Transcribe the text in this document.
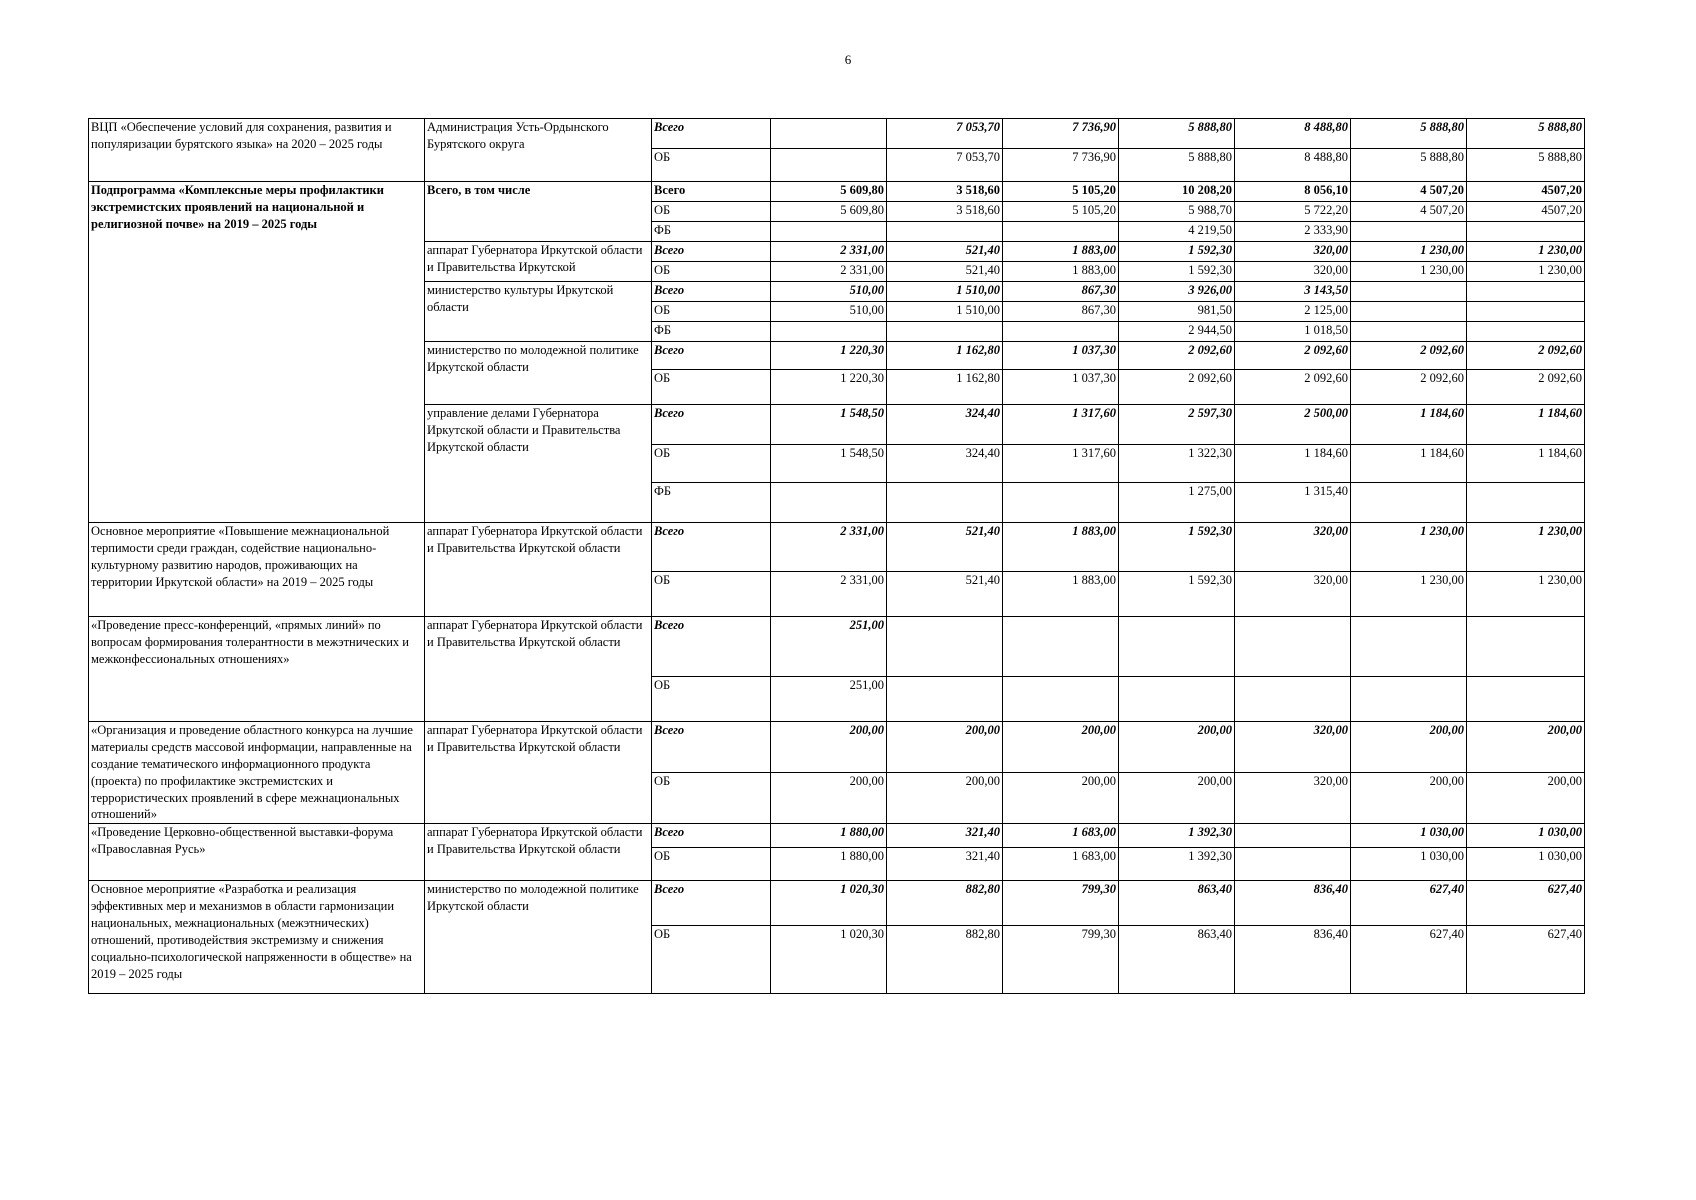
6
ВЦП «Обеспечение условий для сохранения, развития и популяризации бурятского языка» на 2020 – 2025 годы	Администрация Усть-Ордынского Бурятского округа	Всего		7 053,70	7 736,90	5 888,80	8 488,80	5 888,80	5 888,80
		ОБ		7 053,70	7 736,90	5 888,80	8 488,80	5 888,80	5 888,80
Подпрограмма «Комплексные меры профилактики экстремистских проявлений на национальной и религиозной почве» на 2019 – 2025 годы	Всего, в том числе	Всего	5 609,80	3 518,60	5 105,20	10 208,20	8 056,10	4 507,20	4507,20
		ОБ	5 609,80	3 518,60	5 105,20	5 988,70	5 722,20	4 507,20	4507,20
		ФБ				4 219,50	2 333,90		
	аппарат Губернатора Иркутской области и Правительства Иркутской	Всего	2 331,00	521,40	1 883,00	1 592,30	320,00	1 230,00	1 230,00
		ОБ	2 331,00	521,40	1 883,00	1 592,30	320,00	1 230,00	1 230,00
	министерство культуры Иркутской области	Всего	510,00	1 510,00	867,30	3 926,00	3 143,50		
		ОБ	510,00	1 510,00	867,30	981,50	2 125,00		
		ФБ				2 944,50	1 018,50		
	министерство по молодежной политике Иркутской области	Всего	1 220,30	1 162,80	1 037,30	2 092,60	2 092,60	2 092,60	2 092,60
		ОБ	1 220,30	1 162,80	1 037,30	2 092,60	2 092,60	2 092,60	2 092,60
	управление делами Губернатора Иркутской области и Правительства Иркутской области	Всего	1 548,50	324,40	1 317,60	2 597,30	2 500,00	1 184,60	1 184,60
		ОБ	1 548,50	324,40	1 317,60	1 322,30	1 184,60	1 184,60	1 184,60
		ФБ				1 275,00	1 315,40		
Основное мероприятие «Повышение межнациональной терпимости среди граждан, содействие национально-культурному развитию народов, проживающих на территории Иркутской области» на 2019 – 2025 годы	аппарат Губернатора Иркутской области и Правительства Иркутской области	Всего	2 331,00	521,40	1 883,00	1 592,30	320,00	1 230,00	1 230,00
		ОБ	2 331,00	521,40	1 883,00	1 592,30	320,00	1 230,00	1 230,00
«Проведение пресс-конференций, «прямых линий» по вопросам формирования толерантности в межэтнических и межконфессиональных отношениях»	аппарат Губернатора Иркутской области и Правительства Иркутской области	Всего	251,00						
		ОБ	251,00						
«Организация и проведение областного конкурса на лучшие материалы средств массовой информации, направленные на создание тематического информационного продукта (проекта) по профилактике экстремистских и террористических проявлений в сфере межнациональных отношений»	аппарат Губернатора Иркутской области и Правительства Иркутской области	Всего	200,00	200,00	200,00	200,00	320,00	200,00	200,00
		ОБ	200,00	200,00	200,00	200,00	320,00	200,00	200,00
«Проведение Церковно-общественной выставки-форума «Православная Русь»	аппарат Губернатора Иркутской области и Правительства Иркутской области	Всего	1 880,00	321,40	1 683,00	1 392,30		1 030,00	1 030,00
		ОБ	1 880,00	321,40	1 683,00	1 392,30		1 030,00	1 030,00
Основное мероприятие «Разработка и реализация эффективных мер и механизмов в области гармонизации национальных, межнациональных (межэтнических) отношений, противодействия экстремизму и снижения социально-психологической напряженности в обществе» на 2019 – 2025 годы	министерство по молодежной политике Иркутской области	Всего	1 020,30	882,80	799,30	863,40	836,40	627,40	627,40
		ОБ	1 020,30	882,80	799,30	863,40	836,40	627,40	627,40
